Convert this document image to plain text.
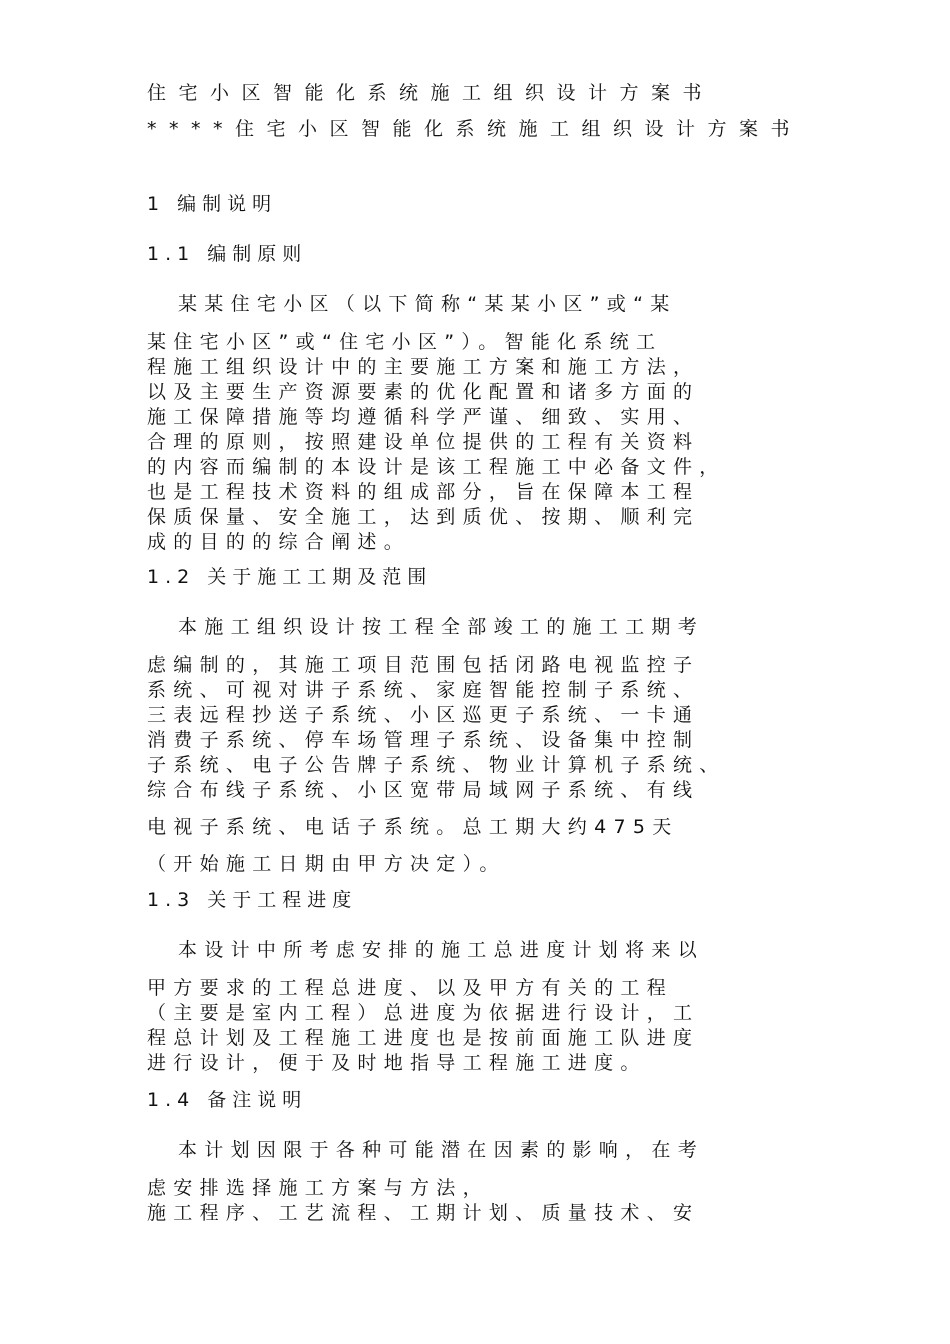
住宅小区智能化系统施工组织设计方案书
****住宅小区智能化系统施工组织设计方案书
1 编制说明
1.1 编制原则
某某住宅小区（以下简称“某某小区”或“某
某住宅小区”或“住宅小区”）。智能化系统工
程施工组织设计中的主要施工方案和施工方法，
以及主要生产资源要素的优化配置和诸多方面的
施工保障措施等均遵循科学严谨、细致、实用、
合理的原则，按照建设单位提供的工程有关资料
的内容而编制的本设计是该工程施工中必备文件，
也是工程技术资料的组成部分，旨在保障本工程
保质保量、安全施工，达到质优、按期、顺利完
成的目的的综合阐述。
1.2 关于施工工期及范围
本施工组织设计按工程全部竣工的施工工期考
虑编制的，其施工项目范围包括闭路电视监控子
系统、可视对讲子系统、家庭智能控制子系统、
三表远程抄送子系统、小区巡更子系统、一卡通
消费子系统、停车场管理子系统、设备集中控制
子系统、电子公告牌子系统、物业计算机子系统、
综合布线子系统、小区宽带局域网子系统、有线
电视子系统、电话子系统。总工期大约475天
（开始施工日期由甲方决定）。
1.3 关于工程进度
本设计中所考虑安排的施工总进度计划将来以
甲方要求的工程总进度、以及甲方有关的工程
（主要是室内工程）总进度为依据进行设计，工
程总计划及工程施工进度也是按前面施工队进度
进行设计，便于及时地指导工程施工进度。
1.4 备注说明
本计划因限于各种可能潜在因素的影响，在考
虑安排选择施工方案与方法，
施工程序、工艺流程、工期计划、质量技术、安
